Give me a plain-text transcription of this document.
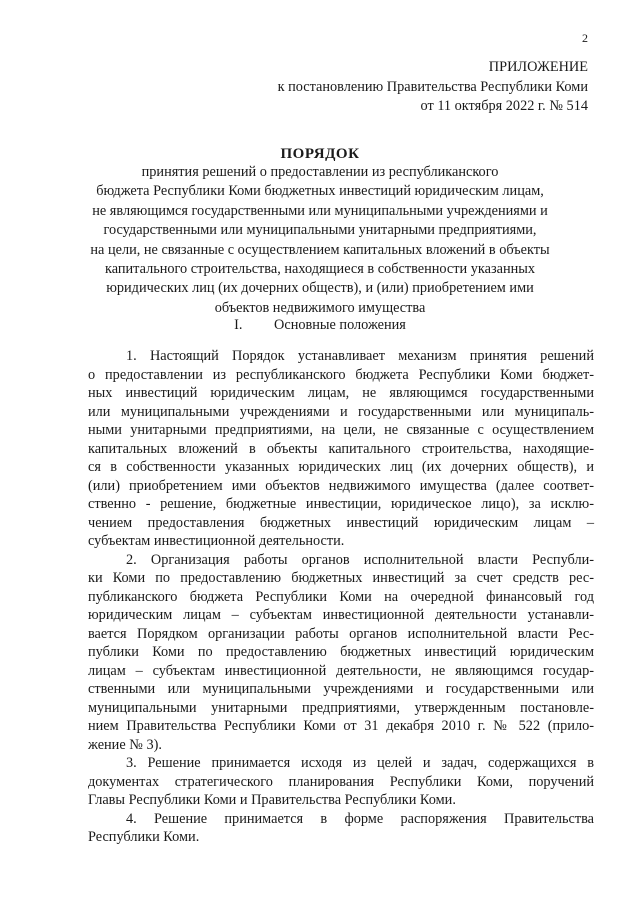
2
ПРИЛОЖЕНИЕ
к постановлению Правительства Республики Коми
от 11 октября 2022 г. № 514
ПОРЯДОК
принятия решений о предоставлении из республиканского
бюджета Республики Коми бюджетных инвестиций юридическим лицам,
не являющимся государственными или муниципальными учреждениями и
государственными или муниципальными унитарными предприятиями,
на цели, не связанные с осуществлением капитальных вложений в объекты
капитального строительства, находящиеся в собственности указанных
юридических лиц (их дочерних обществ), и (или) приобретением ими
объектов недвижимого имущества
I. Основные положения
1. Настоящий Порядок устанавливает механизм принятия решений
о предоставлении из республиканского бюджета Республики Коми бюджет-
ных инвестиций юридическим лицам, не являющимся государственными
или муниципальными учреждениями и государственными или муниципаль-
ными унитарными предприятиями, на цели, не связанные с осуществлением
капитальных вложений в объекты капитального строительства, находящие-
ся в собственности указанных юридических лиц (их дочерних обществ), и
(или) приобретением ими объектов недвижимого имущества (далее соответ-
ственно - решение, бюджетные инвестиции, юридическое лицо), за исклю-
чением предоставления бюджетных инвестиций юридическим лицам –
субъектам инвестиционной деятельности.
2. Организация работы органов исполнительной власти Республи-
ки Коми по предоставлению бюджетных инвестиций за счет средств рес-
публиканского бюджета Республики Коми на очередной финансовый год
юридическим лицам – субъектам инвестиционной деятельности устанавли-
вается Порядком организации работы органов исполнительной власти Рес-
публики Коми по предоставлению бюджетных инвестиций юридическим
лицам – субъектам инвестиционной деятельности, не являющимся государ-
ственными или муниципальными учреждениями и государственными или
муниципальными унитарными предприятиями, утвержденным постановле-
нием Правительства Республики Коми от 31 декабря 2010 г. № 522 (прило-
жение № 3).
3. Решение принимается исходя из целей и задач, содержащихся в
документах стратегического планирования Республики Коми, поручений
Главы Республики Коми и Правительства Республики Коми.
4. Решение принимается в форме распоряжения Правительства
Республики Коми.
